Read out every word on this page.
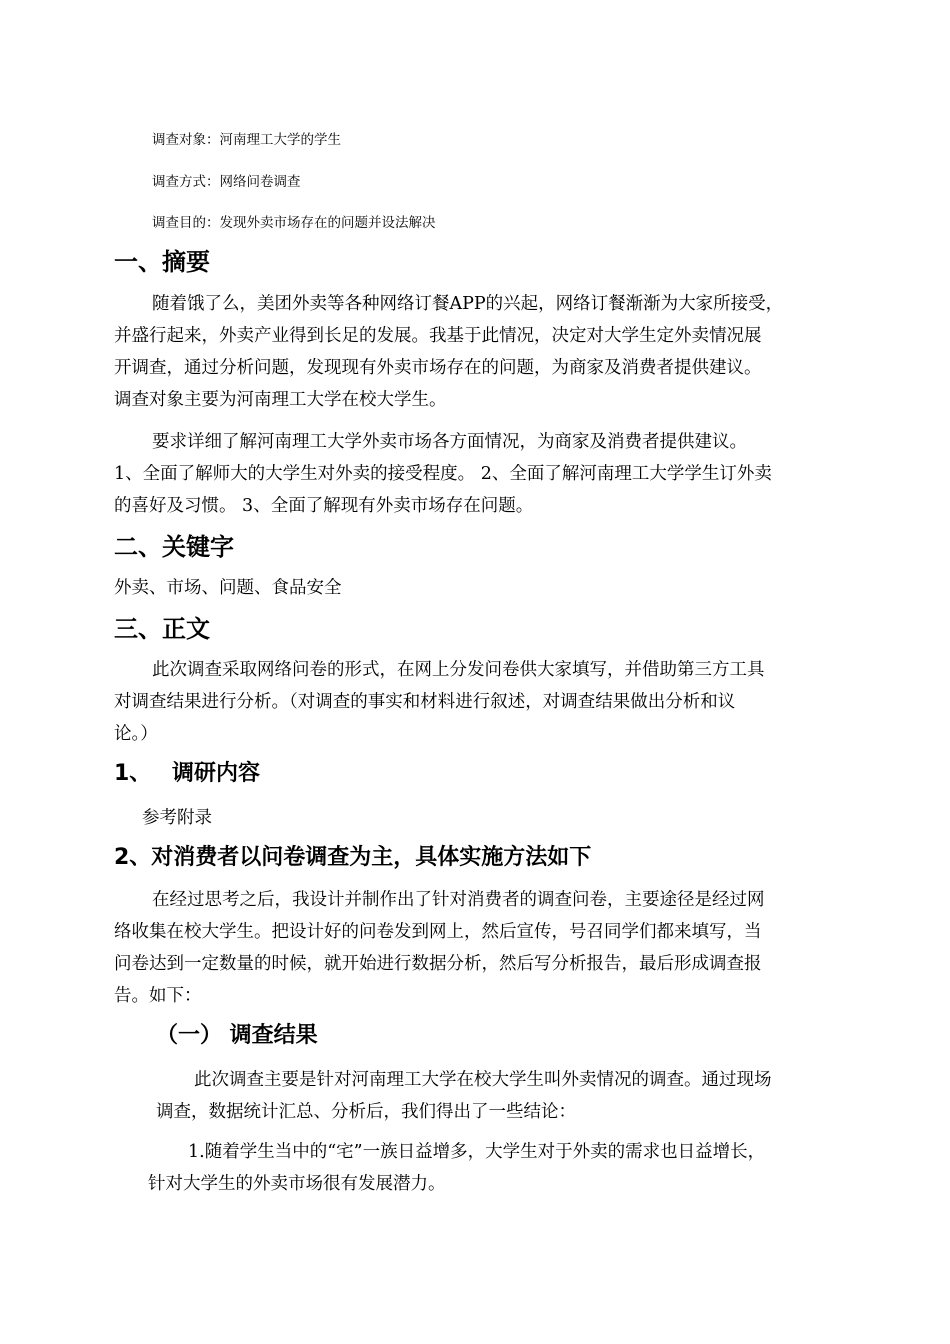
调查对象：河南理工大学的学生

调查方式：网络问卷调查

调查目的：发现外卖市场存在的问题并设法解决

一、摘要

随着饿了么，美团外卖等各种网络订餐APP的兴起，网络订餐渐渐为大家所接受，

并盛行起来，外卖产业得到长足的发展。我基于此情况，决定对大学生定外卖情况展

开调查，通过分析问题，发现现有外卖市场存在的问题，为商家及消费者提供建议。

调查对象主要为河南理工大学在校大学生。

要求详细了解河南理工大学外卖市场各方面情况，为商家及消费者提供建议。

1、全面了解师大的大学生对外卖的接受程度。 2、全面了解河南理工大学学生订外卖

的喜好及习惯。 3、全面了解现有外卖市场存在问题。

二、关键字

外卖、市场、问题、食品安全

三、正文

此次调查采取网络问卷的形式，在网上分发问卷供大家填写，并借助第三方工具

对调查结果进行分析。（对调查的事实和材料进行叙述，对调查结果做出分析和议

论。）

1、 调研内容

参考附录

2、对消费者以问卷调查为主，具体实施方法如下

在经过思考之后，我设计并制作出了针对消费者的调查问卷，主要途径是经过网

络收集在校大学生。把设计好的问卷发到网上，然后宣传，号召同学们都来填写，当

问卷达到一定数量的时候，就开始进行数据分析，然后写分析报告，最后形成调查报

告。如下：

（一） 调查结果

此次调查主要是针对河南理工大学在校大学生叫外卖情况的调查。通过现场

调查，数据统计汇总、分析后，我们得出了一些结论：

1.随着学生当中的“宅”一族日益增多，大学生对于外卖的需求也日益增长，

针对大学生的外卖市场很有发展潜力。
